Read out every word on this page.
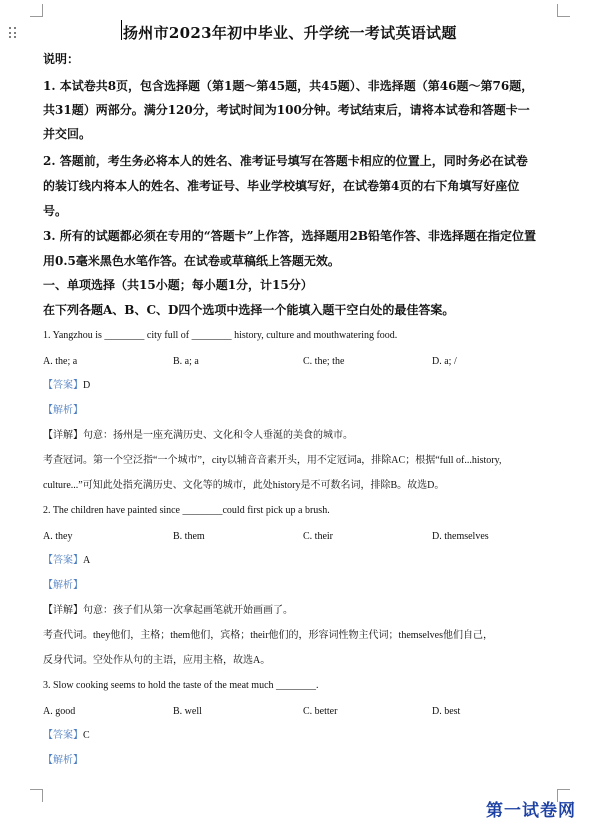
扬州市2023年初中毕业、升学统一考试英语试题
说明：
1. 本试卷共8页，包含选择题（第1题～第45题，共45题）、非选择题（第46题～第76题，
共31题）两部分。满分120分，考试时间为100分钟。考试结束后，请将本试卷和答题卡一
并交回。
2. 答题前，考生务必将本人的姓名、准考证号填写在答题卡相应的位置上，同时务必在试卷
的装订线内将本人的姓名、准考证号、毕业学校填写好，在试卷第4页的右下角填写好座位
号。
3. 所有的试题都必须在专用的“答题卡”上作答，选择题用2B铅笔作答、非选择题在指定位置
用0.5毫米黑色水笔作答。在试卷或草稿纸上答题无效。
一、单项选择（共15小题；每小题1分，计15分）
在下列各题A、B、C、D四个选项中选择一个能填入题干空白处的最佳答案。
1. Yangzhou is ________ city full of ________ history, culture and mouthwatering food.
A. the; a	B. a; a	C. the; the	D. a; /
【答案】D
【解析】
【详解】句意：扬州是一座充满历史、文化和令人垂涎的美食的城市。
考查冠词。第一个空泛指“一个城市”，city以辅音音素开头，用不定冠词a，排除AC；根据“full of...history,
culture...”可知此处指充满历史、文化等的城市，此处history是不可数名词，排除B。故选D。
2. The children have painted since ________could first pick up a brush.
A. they	B. them	C. their	D. themselves
【答案】A
【解析】
【详解】句意：孩子们从第一次拿起画笔就开始画画了。
考查代词。they他们，主格；them他们，宾格；their他们的，形容词性物主代词；themselves他们自己，
反身代词。空处作从句的主语，应用主格，故选A。
3. Slow cooking seems to hold the taste of the meat much ________.
A. good	B. well	C. better	D. best
【答案】C
【解析】
第一试卷网
